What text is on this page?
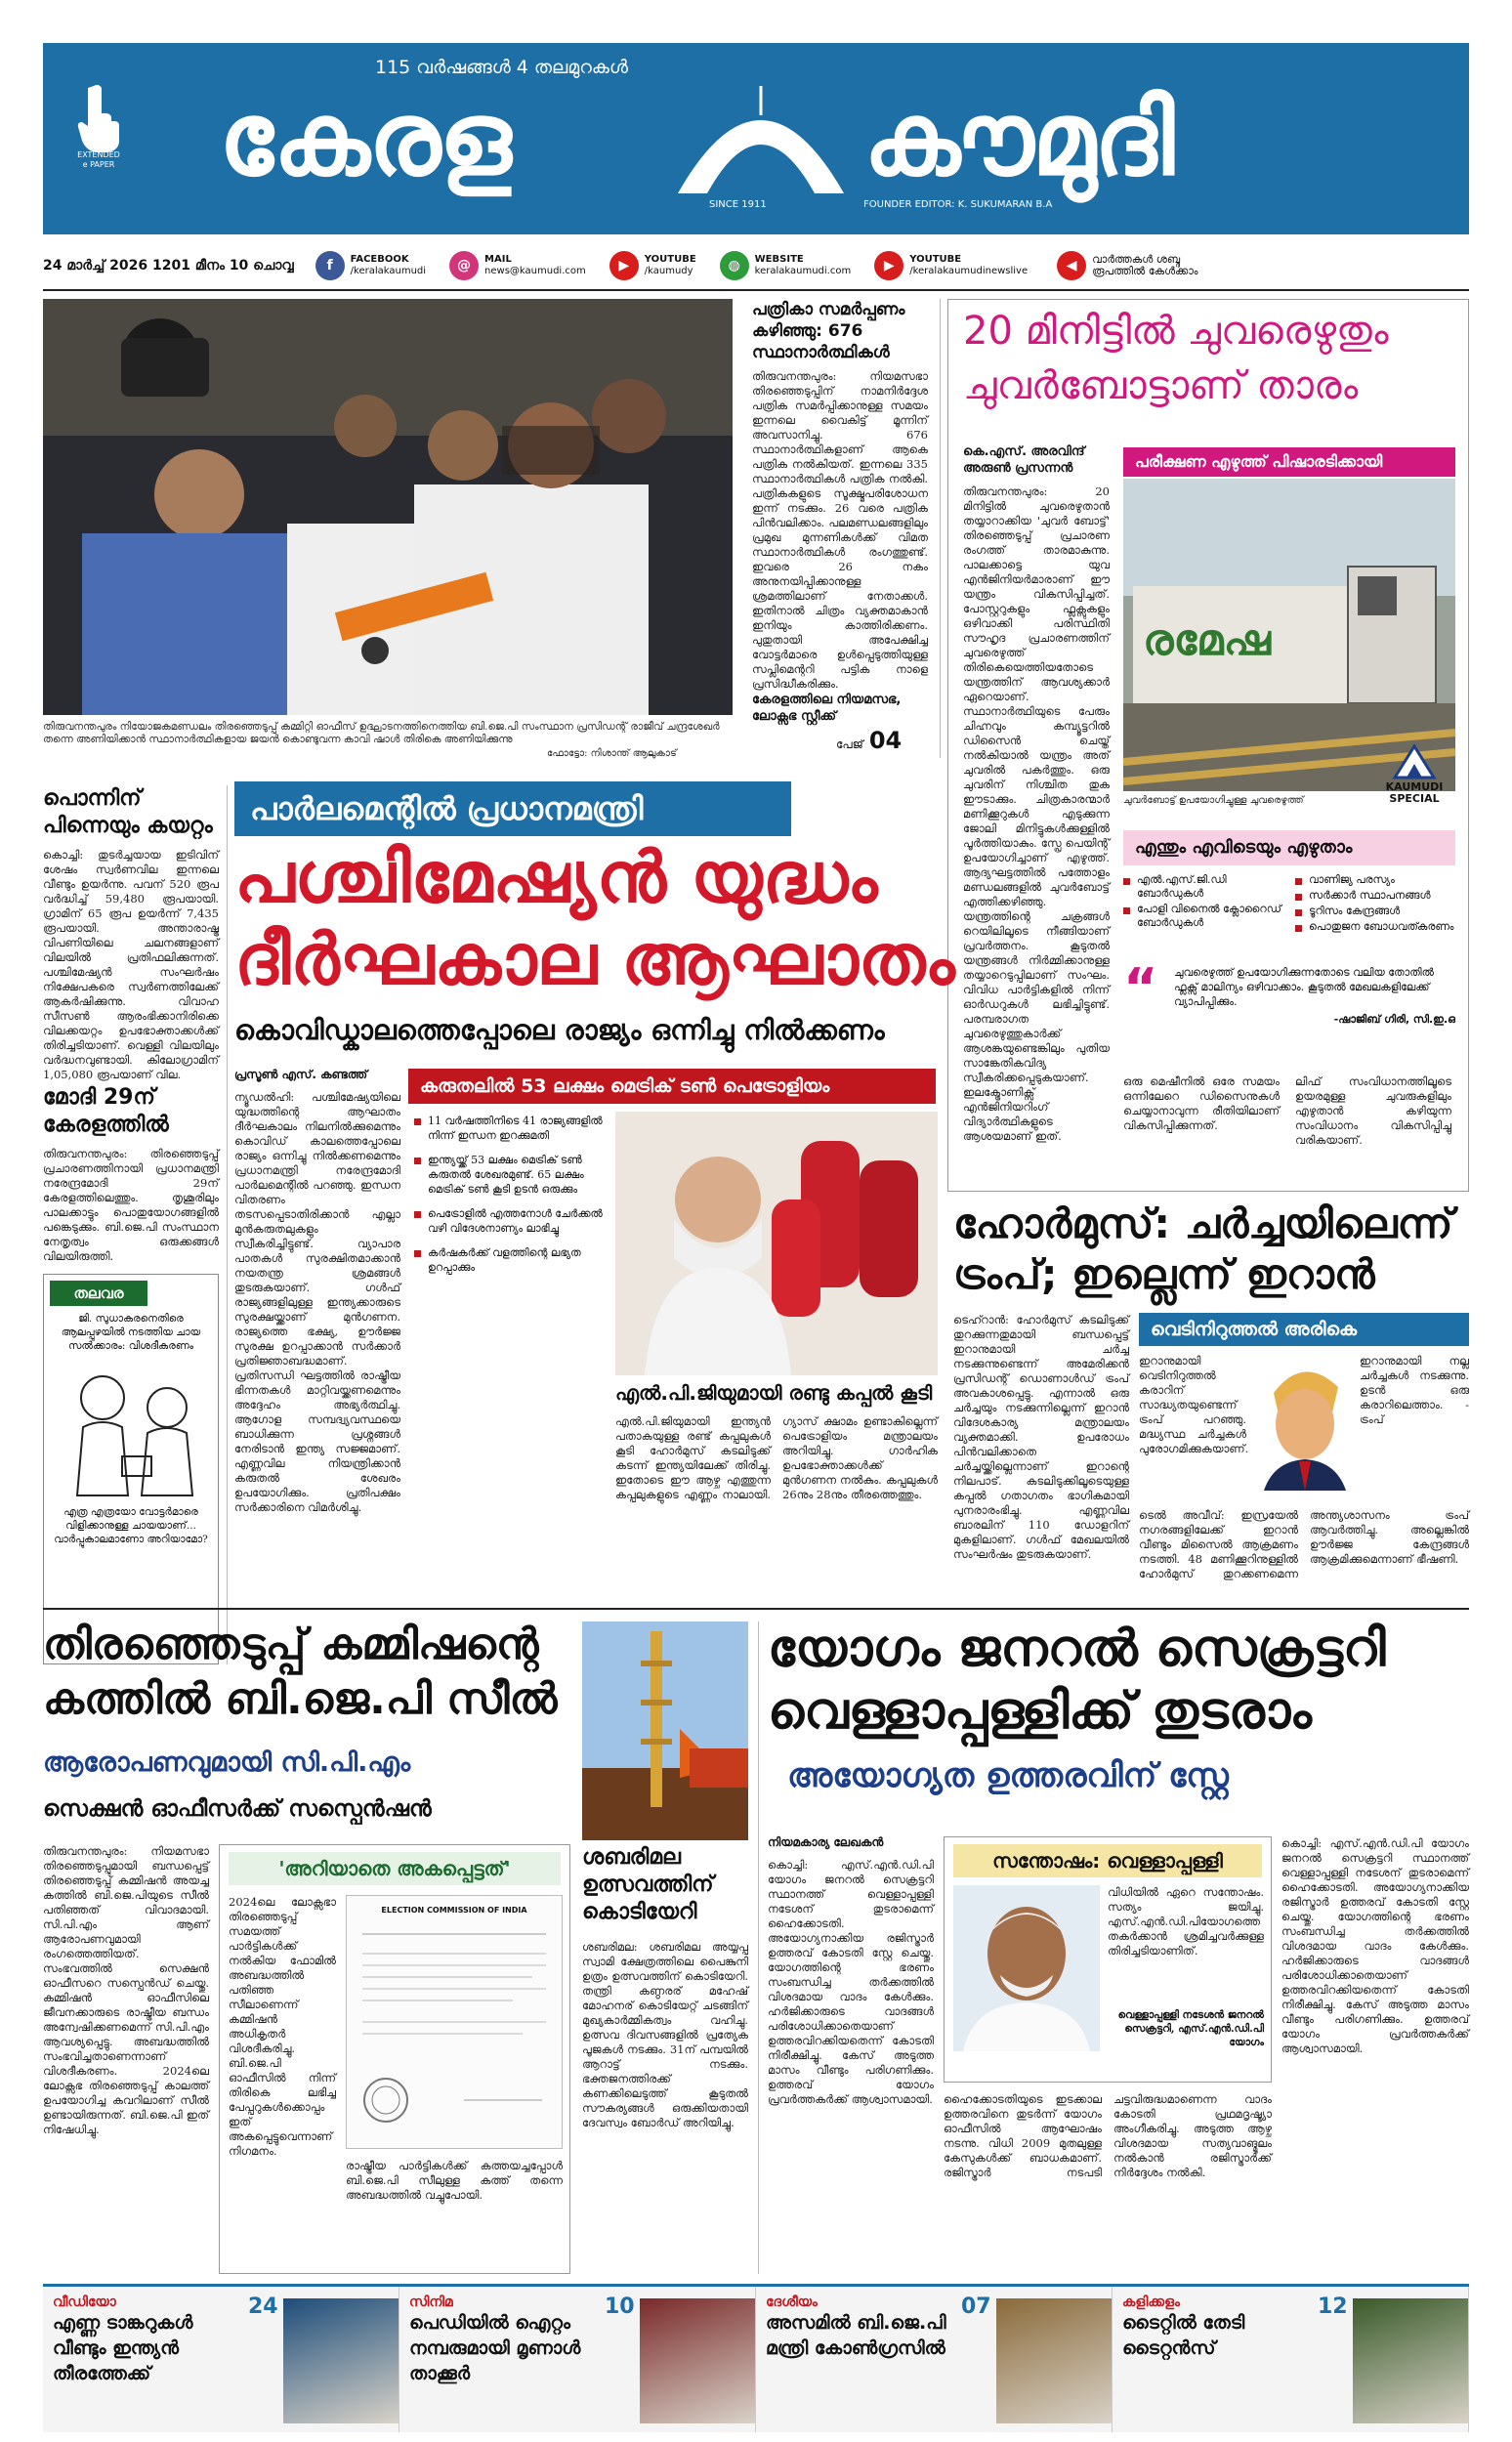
EXTENDED
e PAPER
115 വർഷങ്ങൾ 4 തലമുറകൾ
കേരള	കൗമുദി
SINCE 1911	FOUNDER EDITOR: K. SUKUMARAN B.A
24 മാർച്ച് 2026 1201 മീനം 10 ചൊവ്വ	f	FACEBOOK
/keralakaumudi	@	MAIL
news@kaumudi.com	▶	YOUTUBE
/kaumudy	◍	WEBSITE
keralakaumudi.com	▶	YOUTUBE
/keralakaumudinewslive	◀	വാർത്തകൾ ശബ്ദ രൂപത്തിൽ കേൾക്കാം
തിരുവനന്തപുരം നിയോജകമണ്ഡലം തിരഞ്ഞെടുപ്പ് കമ്മിറ്റി ഓഫീസ് ഉദ്ഘാടനത്തിനെത്തിയ ബി.ജെ.പി സംസ്ഥാന പ്രസിഡന്റ് രാജീവ് ചന്ദ്രശേഖർ തന്നെ അണിയിക്കാൻ സ്ഥാനാർത്ഥികളായ ജയൻ കൊണ്ടുവന്ന കാവി ഷാൾ തിരികെ അണിയിക്കുന്നു
ഫോട്ടോ: നിശാന്ത് ആലുകാട്
പത്രികാ സമർപ്പണം കഴിഞ്ഞു: 676 സ്ഥാനാർത്ഥികൾ
തിരുവനന്തപുരം: നിയമസഭാ തിരഞ്ഞെടുപ്പിന് നാമനിർദ്ദേശ പത്രിക സമർപ്പിക്കാനുള്ള സമയം ഇന്നലെ വൈകിട്ട് മൂന്നിന് അവസാനിച്ചു. 676 സ്ഥാനാർത്ഥികളാണ് ആകെ പത്രിക നൽകിയത്. ഇന്നലെ 335 സ്ഥാനാർത്ഥികൾ പത്രിക നൽകി. പത്രികകളുടെ സൂക്ഷ്മപരിശോധന ഇന്ന് നടക്കും. 26 വരെ പത്രിക പിൻവലിക്കാം. പലമണ്ഡലങ്ങളിലും പ്രമുഖ മുന്നണികൾക്ക് വിമത സ്ഥാനാർത്ഥികൾ രംഗത്തുണ്ട്. ഇവരെ 26 നകം അനുനയിപ്പിക്കാനുള്ള ശ്രമത്തിലാണ് നേതാക്കൾ. ഇതിനാൽ ചിത്രം വ്യക്തമാകാൻ ഇനിയും കാത്തിരിക്കണം. പുതുതായി അപേക്ഷിച്ച വോട്ടർമാരെ ഉൾപ്പെടുത്തിയുള്ള സപ്ലിമെന്ററി പട്ടിക നാളെ പ്രസിദ്ധീകരിക്കും.
കേരളത്തിലെ നിയമസഭ, ലോക്സഭ സ്റ്റീക്ക്
പേജ് 04
20 മിനിട്ടിൽ ചുവരെഴുതും
ചുവർബോട്ടാണ് താരം
കെ.എസ്. അരവിന്ദ് അരുൺ പ്രസന്നൻ
തിരുവനന്തപുരം: 20 മിനിട്ടിൽ ചുവരെഴുതാൻ തയ്യാറാക്കിയ 'ചുവർ ബോട്ട്' തിരഞ്ഞെടുപ്പ് പ്രചാരണ രംഗത്ത് താരമാകുന്നു. പാലക്കാട്ടെ യുവ എൻജിനിയർമാരാണ് ഈ യന്ത്രം വികസിപ്പിച്ചത്. പോസ്റ്ററുകളും ഫ്ലക്സുകളും ഒഴിവാക്കി പരിസ്ഥിതി സൗഹൃദ പ്രചാരണത്തിന് ചുവരെഴുത്ത് തിരികെയെത്തിയതോടെ യന്ത്രത്തിന് ആവശ്യക്കാർ ഏറെയാണ്. സ്ഥാനാർത്ഥിയുടെ പേരും ചിഹ്നവും കമ്പ്യൂട്ടറിൽ ഡിസൈൻ ചെയ്ത് നൽകിയാൽ യന്ത്രം അത് ചുവരിൽ പകർത്തും. ഒരു ചുവരിന് നിശ്ചിത തുക ഈടാക്കും. ചിത്രകാരന്മാർ മണിക്കൂറുകൾ എടുക്കുന്ന ജോലി മിനിട്ടുകൾക്കുള്ളിൽ പൂർത്തിയാകും. സ്പ്രേ പെയിന്റ് ഉപയോഗിച്ചാണ് എഴുത്ത്. ആദ്യഘട്ടത്തിൽ പത്തോളം മണ്ഡലങ്ങളിൽ ചുവർബോട്ട് എത്തിക്കഴിഞ്ഞു. യന്ത്രത്തിന്റെ ചക്രങ്ങൾ റെയിലിലൂടെ നീങ്ങിയാണ് പ്രവർത്തനം. കൂടുതൽ യന്ത്രങ്ങൾ നിർമ്മിക്കാനുള്ള തയ്യാറെടുപ്പിലാണ് സംഘം. വിവിധ പാർട്ടികളിൽ നിന്ന് ഓർഡറുകൾ ലഭിച്ചിട്ടുണ്ട്. പരമ്പരാഗത ചുവരെഴുത്തുകാർക്ക് ആശങ്കയുണ്ടെങ്കിലും പുതിയ സാങ്കേതികവിദ്യ സ്വീകരിക്കപ്പെടുകയാണ്. ഇലക്ട്രോണിക്സ് എൻജിനിയറിംഗ് വിദ്യാർത്ഥികളുടെ ആശയമാണ് ഇത്.
പരീക്ഷണ എഴുത്ത് പിഷാരടിക്കായി
രമേഷ
ചുവർബോട്ട് ഉപയോഗിച്ചുള്ള ചുവരെഴുത്ത്
KAUMUDI SPECIAL
എന്തും എവിടെയും എഴുതാം
എൽ.എസ്.ജി.ഡി ബോർഡുകൾ
പോളി വിനൈൽ ക്ലോറൈഡ് ബോർഡുകൾ
വാണിജ്യ പരസ്യം
സർക്കാർ സ്ഥാപനങ്ങൾ
ടൂറിസം കേന്ദ്രങ്ങൾ
പൊതുജന ബോധവത്കരണം
“ ചുവരെഴുത്ത് ഉപയോഗിക്കുന്നതോടെ വലിയ തോതിൽ ഫ്ലക്സ് മാലിന്യം ഒഴിവാക്കാം. കൂടുതൽ മേഖലകളിലേക്ക് വ്യാപിപ്പിക്കും.
-ഷാജിബ് ഗിരി, സി.ഇ.ഒ
ഒരു മെഷീനിൽ ഒരേ സമയം ഒന്നിലേറെ ഡിസൈനുകൾ ചെയ്യാനാവുന്ന രീതിയിലാണ് വികസിപ്പിക്കുന്നത്.
ലിഫ് സംവിധാനത്തിലൂടെ ഉയരമുള്ള ചുവരുകളിലും എഴുതാൻ കഴിയുന്ന സംവിധാനം വികസിപ്പിച്ചു വരികയാണ്.
പൊന്നിന് പിന്നെയും കയറ്റം
കൊച്ചി: തുടർച്ചയായ ഇടിവിന് ശേഷം സ്വർണവില ഇന്നലെ വീണ്ടും ഉയർന്നു. പവന് 520 രൂപ വർദ്ധിച്ച് 59,480 രൂപയായി. ഗ്രാമിന് 65 രൂപ ഉയർന്ന് 7,435 രൂപയായി. അന്താരാഷ്ട്ര വിപണിയിലെ ചലനങ്ങളാണ് വിലയിൽ പ്രതിഫലിക്കുന്നത്. പശ്ചിമേഷ്യൻ സംഘർഷം നിക്ഷേപകരെ സ്വർണത്തിലേക്ക് ആകർഷിക്കുന്നു. വിവാഹ സീസൺ ആരംഭിക്കാനിരിക്കെ വിലക്കയറ്റം ഉപഭോക്താക്കൾക്ക് തിരിച്ചടിയാണ്. വെള്ളി വിലയിലും വർദ്ധനവുണ്ടായി. കിലോഗ്രാമിന് 1,05,080 രൂപയാണ് വില.
മോദി 29ന് കേരളത്തിൽ
തിരുവനന്തപുരം: തിരഞ്ഞെടുപ്പ് പ്രചാരണത്തിനായി പ്രധാനമന്ത്രി നരേന്ദ്രമോദി 29ന് കേരളത്തിലെത്തും. തൃശൂരിലും പാലക്കാട്ടും പൊതുയോഗങ്ങളിൽ പങ്കെടുക്കും. ബി.ജെ.പി സംസ്ഥാന നേതൃത്വം ഒരുക്കങ്ങൾ വിലയിരുത്തി.
തലവര
ജി. സുധാകരനെതിരെ ആലപ്പുഴയിൽ നടത്തിയ ചായ സൽക്കാരം: വിശദീകരണം
എത്ര എത്രയോ വോട്ടർമാരെ വിളിക്കാനുള്ള ചായയാണ്... വാർപ്പുകാലമാണോ അറിയാമോ?
പാർലമെന്റിൽ പ്രധാനമന്ത്രി
പശ്ചിമേഷ്യൻ യുദ്ധം
ദീർഘകാല ആഘാതം
കൊവിഡ്കാലത്തെപ്പോലെ രാജ്യം ഒന്നിച്ചു നിൽക്കണം
പ്രസൂൺ എസ്. കണ്ടത്ത്
ന്യൂഡൽഹി: പശ്ചിമേഷ്യയിലെ യുദ്ധത്തിന്റെ ആഘാതം ദീർഘകാലം നിലനിൽക്കുമെന്നും കൊവിഡ് കാലത്തെപ്പോലെ രാജ്യം ഒന്നിച്ചു നിൽക്കണമെന്നും പ്രധാനമന്ത്രി നരേന്ദ്രമോദി പാർലമെന്റിൽ പറഞ്ഞു. ഇന്ധന വിതരണം തടസപ്പെടാതിരിക്കാൻ എല്ലാ മുൻകരുതലുകളും സ്വീകരിച്ചിട്ടുണ്ട്. വ്യാപാര പാതകൾ സുരക്ഷിതമാക്കാൻ നയതന്ത്ര ശ്രമങ്ങൾ തുടരുകയാണ്. ഗൾഫ് രാജ്യങ്ങളിലുള്ള ഇന്ത്യക്കാരുടെ സുരക്ഷയ്ക്കാണ് മുൻഗണന. രാജ്യത്തെ ഭക്ഷ്യ, ഊർജ്ജ സുരക്ഷ ഉറപ്പാക്കാൻ സർക്കാർ പ്രതിജ്ഞാബദ്ധമാണ്. പ്രതിസന്ധി ഘട്ടത്തിൽ രാഷ്ട്രീയ ഭിന്നതകൾ മാറ്റിവയ്ക്കണമെന്നും അദ്ദേഹം അഭ്യർത്ഥിച്ചു. ആഗോള സമ്പദ്വ്യവസ്ഥയെ ബാധിക്കുന്ന പ്രശ്നങ്ങൾ നേരിടാൻ ഇന്ത്യ സജ്ജമാണ്. എണ്ണവില നിയന്ത്രിക്കാൻ കരുതൽ ശേഖരം ഉപയോഗിക്കും. പ്രതിപക്ഷം സർക്കാരിനെ വിമർശിച്ചു.
കരുതലിൽ 53 ലക്ഷം മെട്രിക് ടൺ പെട്രോളിയം
11 വർഷത്തിനിടെ 41 രാജ്യങ്ങളിൽ നിന്ന് ഇന്ധന ഇറക്കുമതി
ഇന്ത്യയ്ക്ക് 53 ലക്ഷം മെട്രിക് ടൺ കരുതൽ ശേഖരമുണ്ട്. 65 ലക്ഷം മെട്രിക് ടൺ കൂടി ഉടൻ ഒരുക്കും
പെട്രോളിൽ എത്തനോൾ ചേർക്കൽ വഴി വിദേശനാണ്യം ലാഭിച്ചു
കർഷകർക്ക് വളത്തിന്റെ ലഭ്യത ഉറപ്പാക്കും
എൽ.പി.ജിയുമായി രണ്ടു കപ്പൽ കൂടി
എൽ.പി.ജിയുമായി ഇന്ത്യൻ പതാകയുള്ള രണ്ട് കപ്പലുകൾ കൂടി ഹോർമുസ് കടലിടുക്ക് കടന്ന് ഇന്ത്യയിലേക്ക് തിരിച്ചു. ഇതോടെ ഈ ആഴ്ച എത്തുന്ന കപ്പലുകളുടെ എണ്ണം നാലായി. ഗ്യാസ് ക്ഷാമം ഉണ്ടാകില്ലെന്ന് പെട്രോളിയം മന്ത്രാലയം അറിയിച്ചു. ഗാർഹിക ഉപഭോക്താക്കൾക്ക് മുൻഗണന നൽകും. കപ്പലുകൾ 26നും 28നും തീരത്തെത്തും.
ഹോർമുസ്: ചർച്ചയിലെന്ന്
ട്രംപ്; ഇല്ലെന്ന് ഇറാൻ
ടെഹ്റാൻ: ഹോർമുസ് കടലിടുക്ക് തുറക്കുന്നതുമായി ബന്ധപ്പെട്ട് ഇറാനുമായി ചർച്ച നടക്കുന്നുണ്ടെന്ന് അമേരിക്കൻ പ്രസിഡന്റ് ഡൊണാൾഡ് ട്രംപ് അവകാശപ്പെട്ടു. എന്നാൽ ഒരു ചർച്ചയും നടക്കുന്നില്ലെന്ന് ഇറാൻ വിദേശകാര്യ മന്ത്രാലയം വ്യക്തമാക്കി. ഉപരോധം പിൻവലിക്കാതെ ചർച്ചയ്ക്കില്ലെന്നാണ് ഇറാന്റെ നിലപാട്. കടലിടുക്കിലൂടെയുള്ള കപ്പൽ ഗതാഗതം ഭാഗികമായി പുനരാരംഭിച്ചു. എണ്ണവില ബാരലിന് 110 ഡോളറിന് മുകളിലാണ്. ഗൾഫ് മേഖലയിൽ സംഘർഷം തുടരുകയാണ്.
വെടിനിറുത്തൽ അരികെ
ഇറാനുമായി വെടിനിറുത്തൽ കരാറിന് സാദ്ധ്യതയുണ്ടെന്ന് ട്രംപ് പറഞ്ഞു. മദ്ധ്യസ്ഥ ചർച്ചകൾ പുരോഗമിക്കുകയാണ്.
ഇറാനുമായി നല്ല ചർച്ചകൾ നടക്കുന്നു. ഉടൻ ഒരു കരാറിലെത്താം. - ട്രംപ്
ടെൽ അവീവ്: ഇസ്രയേൽ നഗരങ്ങളിലേക്ക് ഇറാൻ വീണ്ടും മിസൈൽ ആക്രമണം നടത്തി. 48 മണിക്കൂറിനുള്ളിൽ ഹോർമുസ് തുറക്കണമെന്ന അന്ത്യശാസനം ട്രംപ് ആവർത്തിച്ചു. അല്ലെങ്കിൽ ഊർജ്ജ കേന്ദ്രങ്ങൾ ആക്രമിക്കുമെന്നാണ് ഭീഷണി.
തിരഞ്ഞെടുപ്പ് കമ്മിഷന്റെ
കത്തിൽ ബി.ജെ.പി സീൽ
ആരോപണവുമായി സി.പി.എം
സെക്ഷൻ ഓഫീസർക്ക് സസ്പെൻഷൻ
തിരുവനന്തപുരം: നിയമസഭാ തിരഞ്ഞെടുപ്പുമായി ബന്ധപ്പെട്ട് തിരഞ്ഞെടുപ്പ് കമ്മിഷൻ അയച്ച കത്തിൽ ബി.ജെ.പിയുടെ സീൽ പതിഞ്ഞത് വിവാദമായി. സി.പി.എം ആണ് ആരോപണവുമായി രംഗത്തെത്തിയത്. സംഭവത്തിൽ സെക്ഷൻ ഓഫീസറെ സസ്പെൻഡ് ചെയ്തു. കമ്മിഷൻ ഓഫീസിലെ ജീവനക്കാരുടെ രാഷ്ട്രീയ ബന്ധം അന്വേഷിക്കണമെന്ന് സി.പി.എം ആവശ്യപ്പെട്ടു. അബദ്ധത്തിൽ സംഭവിച്ചതാണെന്നാണ് വിശദീകരണം. 2024ലെ ലോക്സഭ തിരഞ്ഞെടുപ്പ് കാലത്ത് ഉപയോഗിച്ച കവറിലാണ് സീൽ ഉണ്ടായിരുന്നത്. ബി.ജെ.പി ഇത് നിഷേധിച്ചു.
'അറിയാതെ അകപ്പെട്ടത്'
2024ലെ ലോക്സഭാ തിരഞ്ഞെടുപ്പ് സമയത്ത് പാർട്ടികൾക്ക് നൽകിയ ഫോമിൽ അബദ്ധത്തിൽ പതിഞ്ഞ സീലാണെന്ന് കമ്മിഷൻ അധികൃതർ വിശദീകരിച്ചു. ബി.ജെ.പി ഓഫീസിൽ നിന്ന് തിരികെ ലഭിച്ച പേപ്പറുകൾക്കൊപ്പം ഇത് അകപ്പെട്ടുവെന്നാണ് നിഗമനം.
ELECTION COMMISSION OF INDIA
രാഷ്ട്രീയ പാർട്ടികൾക്ക് കത്തയച്ചപ്പോൾ ബി.ജെ.പി സീലുള്ള കത്ത് തന്നെ അബദ്ധത്തിൽ വച്ചുപോയി.
ശബരിമല ഉത്സവത്തിന് കൊടിയേറി
ശബരിമല: ശബരിമല അയ്യപ്പ സ്വാമി ക്ഷേത്രത്തിലെ പൈങ്കുനി ഉത്രം ഉത്സവത്തിന് കൊടിയേറി. തന്ത്രി കണ്ഠരര് മഹേഷ് മോഹനര് കൊടിയേറ്റ് ചടങ്ങിന് മുഖ്യകാർമ്മികത്വം വഹിച്ചു. ഉത്സവ ദിവസങ്ങളിൽ പ്രത്യേക പൂജകൾ നടക്കും. 31ന് പമ്പയിൽ ആറാട്ട് നടക്കും. ഭക്തജനത്തിരക്ക് കണക്കിലെടുത്ത് കൂടുതൽ സൗകര്യങ്ങൾ ഒരുക്കിയതായി ദേവസ്വം ബോർഡ് അറിയിച്ചു.
യോഗം ജനറൽ സെക്രട്ടറി
വെള്ളാപ്പള്ളിക്ക് തുടരാം
അയോഗ്യത ഉത്തരവിന് സ്റ്റേ
നിയമകാര്യ ലേഖകൻ
കൊച്ചി: എസ്.എൻ.ഡി.പി യോഗം ജനറൽ സെക്രട്ടറി സ്ഥാനത്ത് വെള്ളാപ്പള്ളി നടേശന് തുടരാമെന്ന് ഹൈക്കോടതി. അയോഗ്യനാക്കിയ രജിസ്ട്രാർ ഉത്തരവ് കോടതി സ്റ്റേ ചെയ്തു. യോഗത്തിന്റെ ഭരണം സംബന്ധിച്ച തർക്കത്തിൽ വിശദമായ വാദം കേൾക്കും. ഹർജിക്കാരുടെ വാദങ്ങൾ പരിശോധിക്കാതെയാണ് ഉത്തരവിറക്കിയതെന്ന് കോടതി നിരീക്ഷിച്ചു. കേസ് അടുത്ത മാസം വീണ്ടും പരിഗണിക്കും. ഉത്തരവ് യോഗം പ്രവർത്തകർക്ക് ആശ്വാസമായി.
സന്തോഷം: വെള്ളാപ്പള്ളി
വിധിയിൽ ഏറെ സന്തോഷം. സത്യം ജയിച്ചു. എസ്.എൻ.ഡി.പിയോഗത്തെ തകർക്കാൻ ശ്രമിച്ചവർക്കുള്ള തിരിച്ചടിയാണിത്.
വെള്ളാപ്പള്ളി നടേശൻ ജനറൽ സെക്രട്ടറി, എസ്.എൻ.ഡി.പി യോഗം
ഹൈക്കോടതിയുടെ ഇടക്കാല ഉത്തരവിനെ തുടർന്ന് യോഗം ഓഫീസിൽ ആഘോഷം നടന്നു. വിധി 2009 മുതലുള്ള കേസുകൾക്ക് ബാധകമാണ്. രജിസ്ട്രാർ നടപടി ചട്ടവിരുദ്ധമാണെന്ന വാദം കോടതി പ്രഥമദൃഷ്ട്യാ അംഗീകരിച്ചു. അടുത്ത ആഴ്ച വിശദമായ സത്യവാങ്മൂലം നൽകാൻ രജിസ്ട്രാർക്ക് നിർദ്ദേശം നൽകി.
കൊച്ചി: എസ്.എൻ.ഡി.പി യോഗം ജനറൽ സെക്രട്ടറി സ്ഥാനത്ത് വെള്ളാപ്പള്ളി നടേശന് തുടരാമെന്ന് ഹൈക്കോടതി. അയോഗ്യനാക്കിയ രജിസ്ട്രാർ ഉത്തരവ് കോടതി സ്റ്റേ ചെയ്തു. യോഗത്തിന്റെ ഭരണം സംബന്ധിച്ച തർക്കത്തിൽ വിശദമായ വാദം കേൾക്കും. ഹർജിക്കാരുടെ വാദങ്ങൾ പരിശോധിക്കാതെയാണ് ഉത്തരവിറക്കിയതെന്ന് കോടതി നിരീക്ഷിച്ചു. കേസ് അടുത്ത മാസം വീണ്ടും പരിഗണിക്കും. ഉത്തരവ് യോഗം പ്രവർത്തകർക്ക് ആശ്വാസമായി.
വീഡിയോ
എണ്ണ ടാങ്കറുകൾ വീണ്ടും ഇന്ത്യൻ തീരത്തേക്ക്
24	സിനിമ
പെഡിയിൽ ഐറ്റം നമ്പരുമായി മൃണാൾ താക്കൂർ
10	ദേശീയം
അസമിൽ ബി.ജെ.പി മന്ത്രി കോൺഗ്രസിൽ
07	കളിക്കളം
ടൈറ്റിൽ തേടി ടൈറ്റൻസ്
12
